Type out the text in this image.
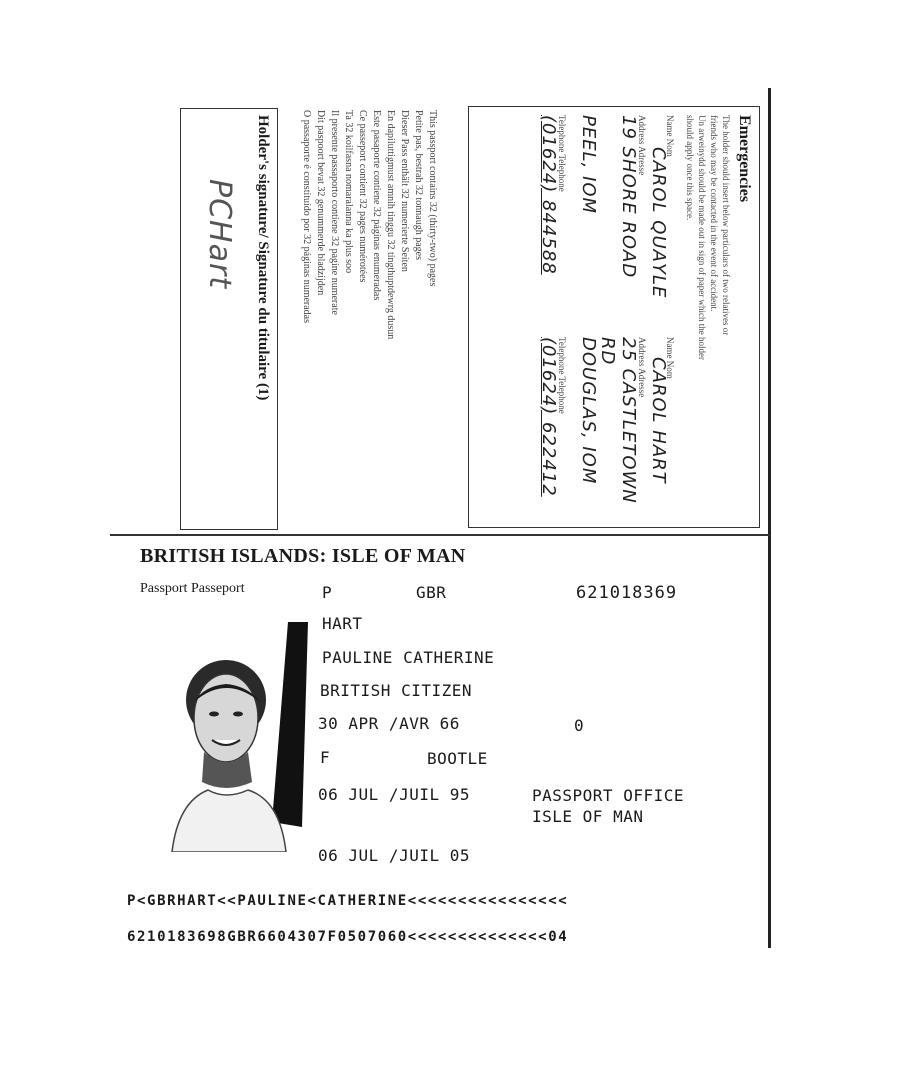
Emergencies
The holder should insert below particulars of two relatives or
friends who may be contacted in the event of accident.
Un arweinydd should be made out in sign of paper which the holder
should apply once this space.
Name Nom
CAROL QUAYLE
Address Adresse
19 SHORE ROAD
PEEL, IOM
Telephone Telephone
(01624) 844588
Name Nom
CAROL HART
Address Adresse
25 CASTLETOWN RD
DOUGLAS, IOM
Telephone Telephone
(01624) 622412
This passport contains 32 (thirty-two) pages
Petite pas, bestrah 32 tonnaugh pages
Dieser Pass enthält 32 numerierte Seiten
En dapiluttigmust amnih tinggu 32 tingthuptdewrg dusun
Este pasaporte contiene 32 páginas enumeradas
Ce passeport contient 32 pages numérotées
Ta 32 koilfasna nomaralanna ka plus soo
Il presente passaporto contiene 32 pagine numerate
Dit paspoort bevat 32 genummerde bladzijden
O passaporte é constituído por 32 páginas numeradas
Holder's signature/ Signature du titulaire (1)
PCHart
BRITISH ISLANDS: ISLE OF MAN
Passport Passeport	P	GBR	621018369
HART
PAULINE CATHERINE
BRITISH CITIZEN
30 APR /AVR 66	0
F	BOOTLE
06 JUL /JUIL 95	PASSPORT OFFICE
ISLE OF MAN
06 JUL /JUIL 05
P<GBRHART<<PAULINE<CATHERINE<<<<<<<<<<<<<<<<
6210183698GBR6604307F0507060<<<<<<<<<<<<<<04
